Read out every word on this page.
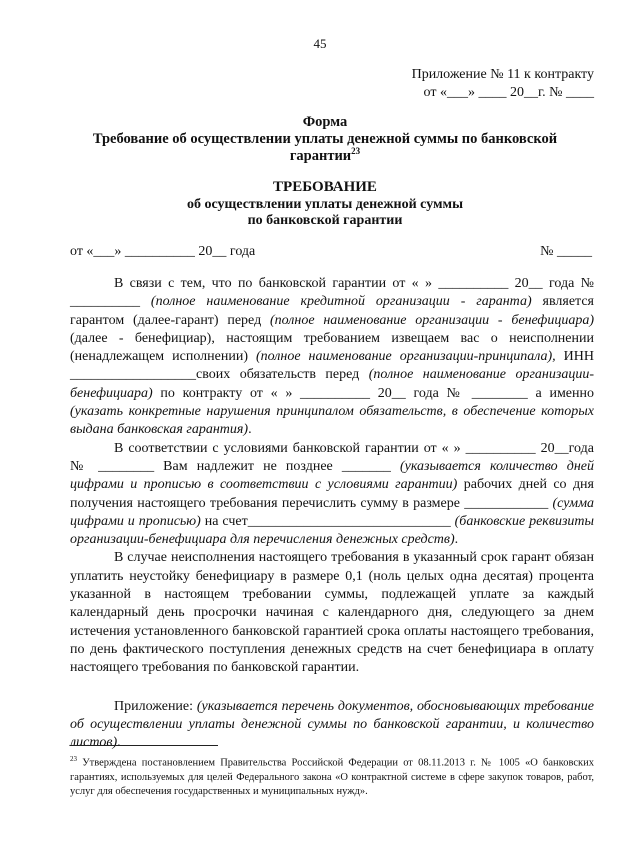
45
Приложение № 11 к контракту
от «___» ____ 20__г. № ____
Форма
Требование об осуществлении уплаты денежной суммы по банковской
гарантии$^{23}$
ТРЕБОВАНИЕ
об осуществлении уплаты денежной суммы
по банковской гарантии
от «___» __________ 20__ года	№ _____

В связи с тем, что по банковской гарантии от « » __________ 20__ года № __________ (полное наименование кредитной организации - гаранта) является гарантом (далее-гарант) перед (полное наименование организации - бенефициара) (далее - бенефициар), настоящим требованием извещаем вас о неисполнении (ненадлежащем исполнении) (полное наименование организации-принципала), ИНН __________________своих обязательств перед (полное наименование организации-бенефициара) по контракту от « » __________ 20__ года № ________ а именно (указать конкретные нарушения принципалом обязательств, в обеспечение которых выдана банковская гарантия).

В соответствии с условиями банковской гарантии от « » __________ 20__года № ________ Вам надлежит не позднее _______ (указывается количество дней цифрами и прописью в соответствии с условиями гарантии) рабочих дней со дня получения настоящего требования перечислить сумму в размере ____________ (сумма цифрами и прописью) на счет_____________________________ (банковские реквизиты организации-бенефициара для перечисления денежных средств).

В случае неисполнения настоящего требования в указанный срок гарант обязан уплатить неустойку бенефициару в размере 0,1 (ноль целых одна десятая) процента указанной в настоящем требовании суммы, подлежащей уплате за каждый календарный день просрочки начиная с календарного дня, следующего за днем истечения установленного банковской гарантией срока оплаты настоящего требования, по день фактического поступления денежных средств на счет бенефициара в оплату настоящего требования по банковской гарантии.

Приложение: (указывается перечень документов, обосновывающих требование об осуществлении уплаты денежной суммы по банковской гарантии, и количество листов).

$^{23}$ Утверждена постановлением Правительства Российской Федерации от 08.11.2013 г. № 1005 «О банковских гарантиях, используемых для целей Федерального закона «О контрактной системе в сфере закупок товаров, работ, услуг для обеспечения государственных и муниципальных нужд».
